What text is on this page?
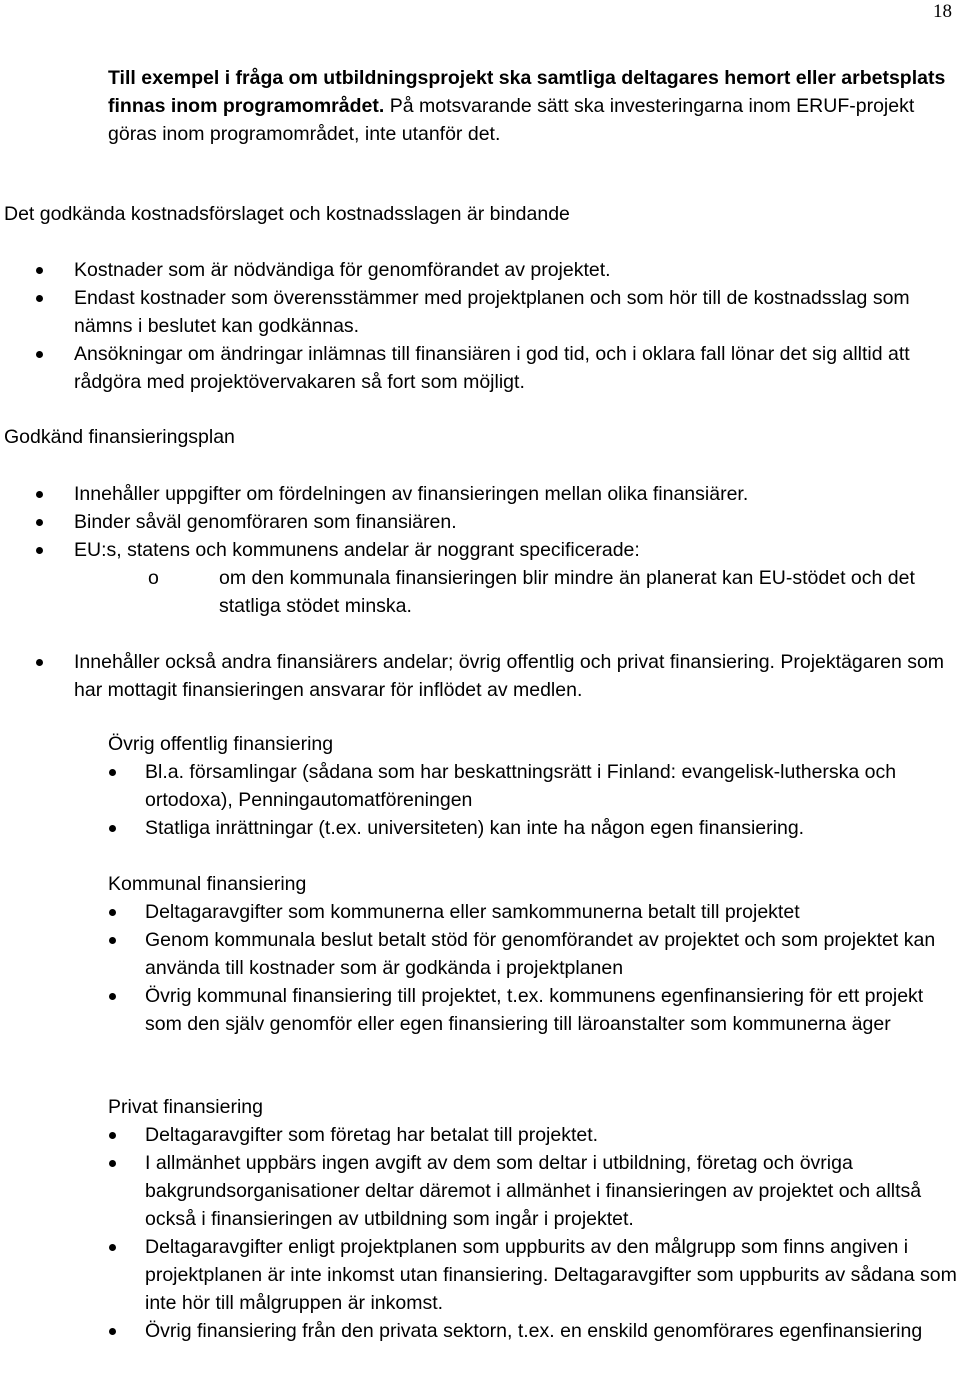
18

Till exempel i fråga om utbildningsprojekt ska samtliga deltagares hemort eller arbetsplats finnas inom programområdet. På motsvarande sätt ska investeringarna inom ERUF-projekt göras inom programområdet, inte utanför det.

Det godkända kostnadsförslaget och kostnadsslagen är bindande
Kostnader som är nödvändiga för genomförandet av projektet.
Endast kostnader som överensstämmer med projektplanen och som hör till de kostnadsslag som nämns i beslutet kan godkännas.
Ansökningar om ändringar inlämnas till finansiären i god tid, och i oklara fall lönar det sig alltid att rådgöra med projektövervakaren så fort som möjligt.
Godkänd finansieringsplan
Innehåller uppgifter om fördelningen av finansieringen mellan olika finansiärer.
Binder såväl genomföraren som finansiären.
EU:s, statens och kommunens andelar är noggrant specificerade:
o om den kommunala finansieringen blir mindre än planerat kan EU-stödet och det statliga stödet minska.
Innehåller också andra finansiärers andelar; övrig offentlig och privat finansiering. Projektägaren som har mottagit finansieringen ansvarar för inflödet av medlen.
Övrig offentlig finansiering
Bl.a. församlingar (sådana som har beskattningsrätt i Finland: evangelisk-lutherska och ortodoxa), Penningautomatföreningen
Statliga inrättningar (t.ex. universiteten) kan inte ha någon egen finansiering.
Kommunal finansiering
Deltagaravgifter som kommunerna eller samkommunerna betalt till projektet
Genom kommunala beslut betalt stöd för genomförandet av projektet och som projektet kan använda till kostnader som är godkända i projektplanen
Övrig kommunal finansiering till projektet, t.ex. kommunens egenfinansiering för ett projekt som den själv genomför eller egen finansiering till läroanstalter som kommunerna äger
Privat finansiering
Deltagaravgifter som företag har betalat till projektet.
I allmänhet uppbärs ingen avgift av dem som deltar i utbildning, företag och övriga bakgrundsorganisationer deltar däremot i allmänhet i finansieringen av projektet och alltså också i finansieringen av utbildning som ingår i projektet.
Deltagaravgifter enligt projektplanen som uppburits av den målgrupp som finns angiven i projektplanen är inte inkomst utan finansiering. Deltagaravgifter som uppburits av sådana som inte hör till målgruppen är inkomst.
Övrig finansiering från den privata sektorn, t.ex. en enskild genomförares egenfinansiering
